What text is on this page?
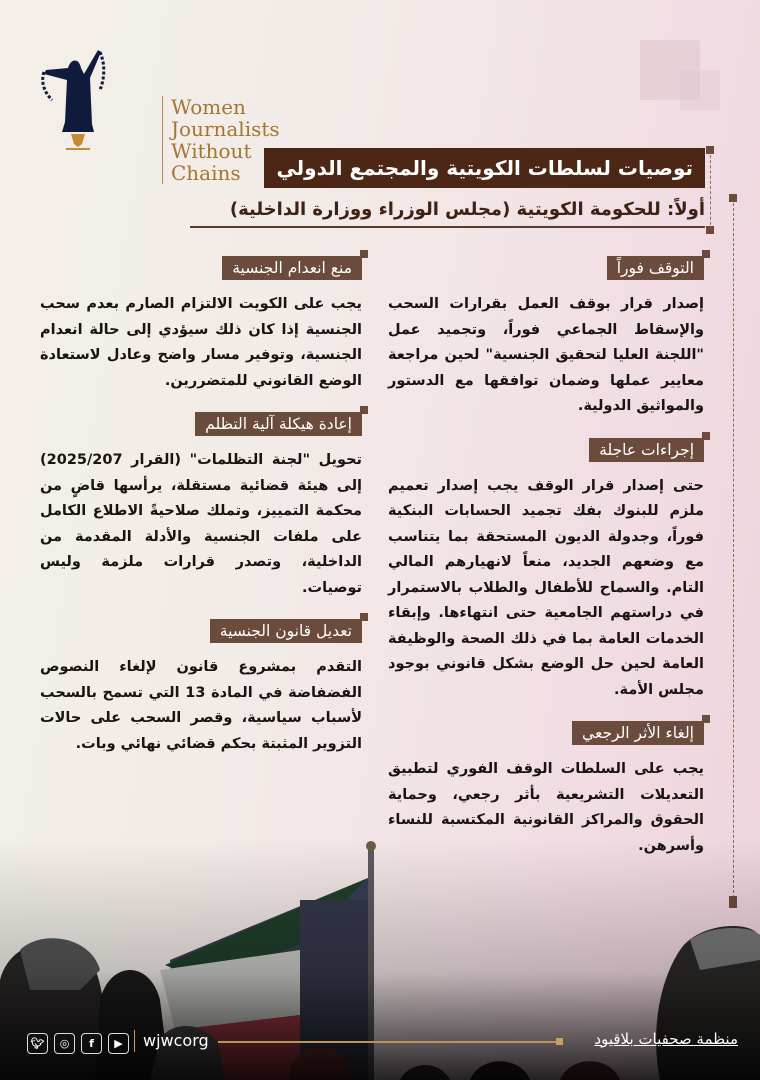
Women
Journalists
Without
Chains	توصيات لسلطات الكويتية والمجتمع الدولي
أولاً: للحكومة الكويتية (مجلس الوزراء ووزارة الداخلية)
التوقف فوراً

إصدار قرار بوقف العمل بقرارات السحب والإسقاط الجماعي فوراً، وتجميد عمل "اللجنة العليا لتحقيق الجنسية" لحين مراجعة معايير عملها وضمان توافقها مع الدستور والمواثيق الدولية.

إجراءات عاجلة

حتى إصدار قرار الوقف يجب إصدار تعميم ملزم للبنوك بفك تجميد الحسابات البنكية فوراً، وجدولة الديون المستحقة بما يتناسب مع وضعهم الجديد، منعاً لانهيارهم المالي التام. والسماح للأطفال والطلاب بالاستمرار في دراستهم الجامعية حتى انتهاءها. وإبقاء الخدمات العامة بما في ذلك الصحة والوظيفة العامة لحين حل الوضع بشكل قانوني بوجود مجلس الأمة.

إلغاء الأثر الرجعي

يجب على السلطات الوقف الفوري لتطبيق التعديلات التشريعية بأثر رجعي، وحماية الحقوق والمراكز القانونية المكتسبة للنساء وأسرهن.

منع انعدام الجنسية

يجب على الكويت الالتزام الصارم بعدم سحب الجنسية إذا كان ذلك سيؤدي إلى حالة انعدام الجنسية، وتوفير مسار واضح وعادل لاستعادة الوضع القانوني للمتضررين.

إعادة هيكلة آلية التظلم

تحويل "لجنة التظلمات" (القرار 2025/207) إلى هيئة قضائية مستقلة، يرأسها قاضٍ من محكمة التمييز، وتملك صلاحيةً الاطلاع الكامل على ملفات الجنسية والأدلة المقدمة من الداخلية، وتصدر قرارات ملزمة وليس توصيات.

تعديل قانون الجنسية

التقدم بمشروع قانون لإلغاء النصوص الفضفاضة في المادة 13 التي تسمح بالسحب لأسباب سياسية، وقصر السحب على حالات التزوير المثبتة بحكم قضائي نهائي وبات.

🐦︎	◎	f	▶	wjwcorg	منظمة صحفيات بلاقيود
